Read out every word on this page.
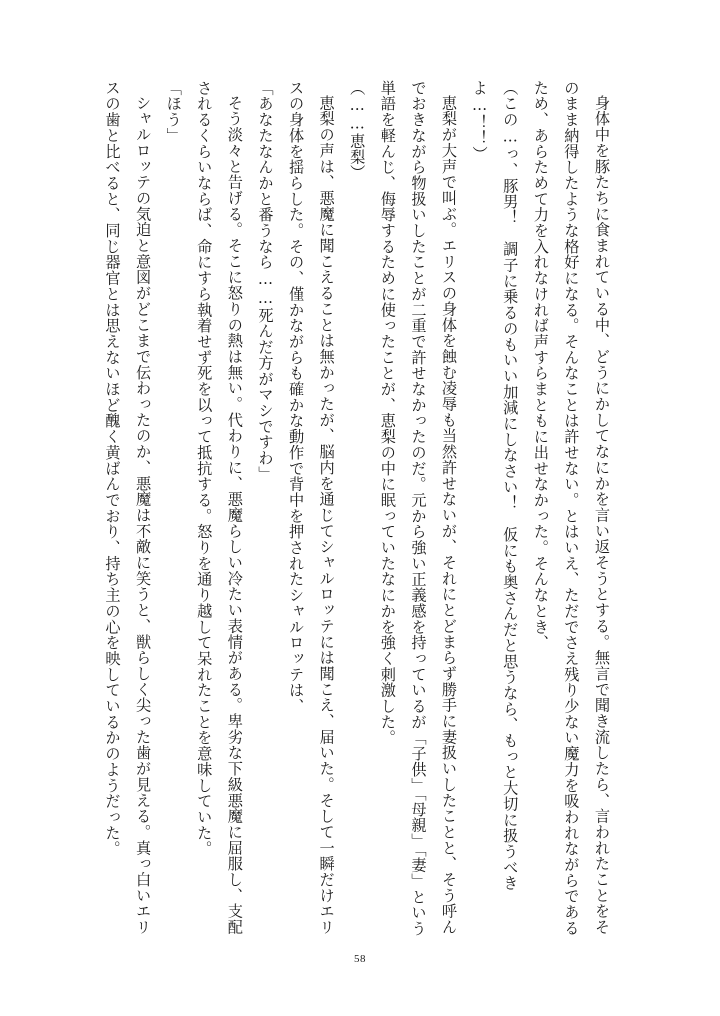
身体中を豚たちに食まれている中、どうにかしてなにかを言い返そうとする。無言で聞き流したら、言われたことをそのまま納得したような格好になる。そんなことは許せない。とはいえ、ただでさえ残り少ない魔力を吸われながらであるため、あらためて力を入れなければ声すらまともに出せなかった。そんなとき、

（この…っ、豚男！　調子に乗るのもいい加減にしなさい！　仮にも奥さんだと思うなら、もっと大切に扱うべきよ…！！）

恵梨が大声で叫ぶ。エリスの身体を蝕む凌辱も当然許せないが、それにとどまらず勝手に妻扱いしたことと、そう呼んでおきながら物扱いしたことが二重で許せなかったのだ。元から強い正義感を持っているが「子供」「母親」「妻」という単語を軽んじ、侮辱するために使ったことが、恵梨の中に眠っていたなにかを強く刺激した。

（……恵梨）

恵梨の声は、悪魔に聞こえることは無かったが、脳内を通じてシャルロッテには聞こえ、届いた。そして一瞬だけエリスの身体を揺らした。その、僅かながらも確かな動作で背中を押されたシャルロッテは、

「あなたなんかと番うなら……死んだ方がマシですわ」

そう淡々と告げる。そこに怒りの熱は無い。代わりに、悪魔らしい冷たい表情がある。卑劣な下級悪魔に屈服し、支配されるくらいならば、命にすら執着せず死を以って抵抗する。怒りを通り越して呆れたことを意味していた。

「ほう」

シャルロッテの気迫と意図がどこまで伝わったのか、悪魔は不敵に笑うと、獣らしく尖った歯が見える。真っ白いエリスの歯と比べると、同じ器官とは思えないほど醜く黄ばんでおり、持ち主の心を映しているかのようだった。

58
